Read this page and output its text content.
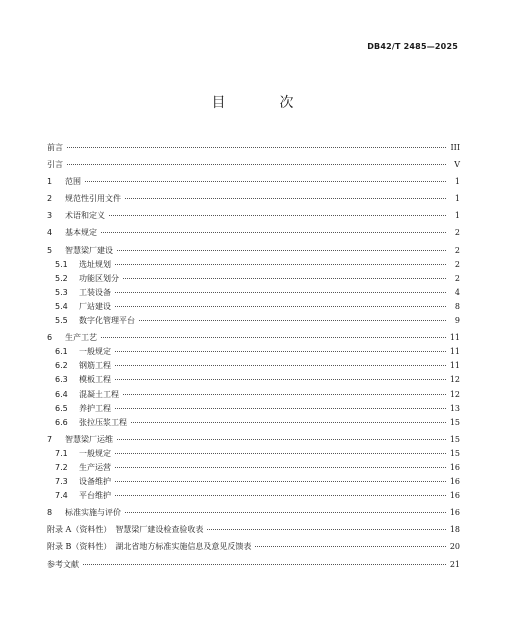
DB42/T 2485—2025
目　次
前言	III
引言	V
1	范围	1
2	规范性引用文件	1
3	术语和定义	1
4	基本规定	2
5	智慧梁厂建设	2
5.1	选址规划	2
5.2	功能区划分	2
5.3	工装设备	4
5.4	厂站建设	8
5.5	数字化管理平台	9
6	生产工艺	11
6.1	一般规定	11
6.2	钢筋工程	11
6.3	模板工程	12
6.4	混凝土工程	12
6.5	养护工程	13
6.6	张拉压浆工程	15
7	智慧梁厂运维	15
7.1	一般规定	15
7.2	生产运营	16
7.3	设备维护	16
7.4	平台维护	16
8	标准实施与评价	16
附录 A（资料性）　智慧梁厂建设检查验收表	18
附录 B（资料性）　湖北省地方标准实施信息及意见反馈表	20
参考文献	21
